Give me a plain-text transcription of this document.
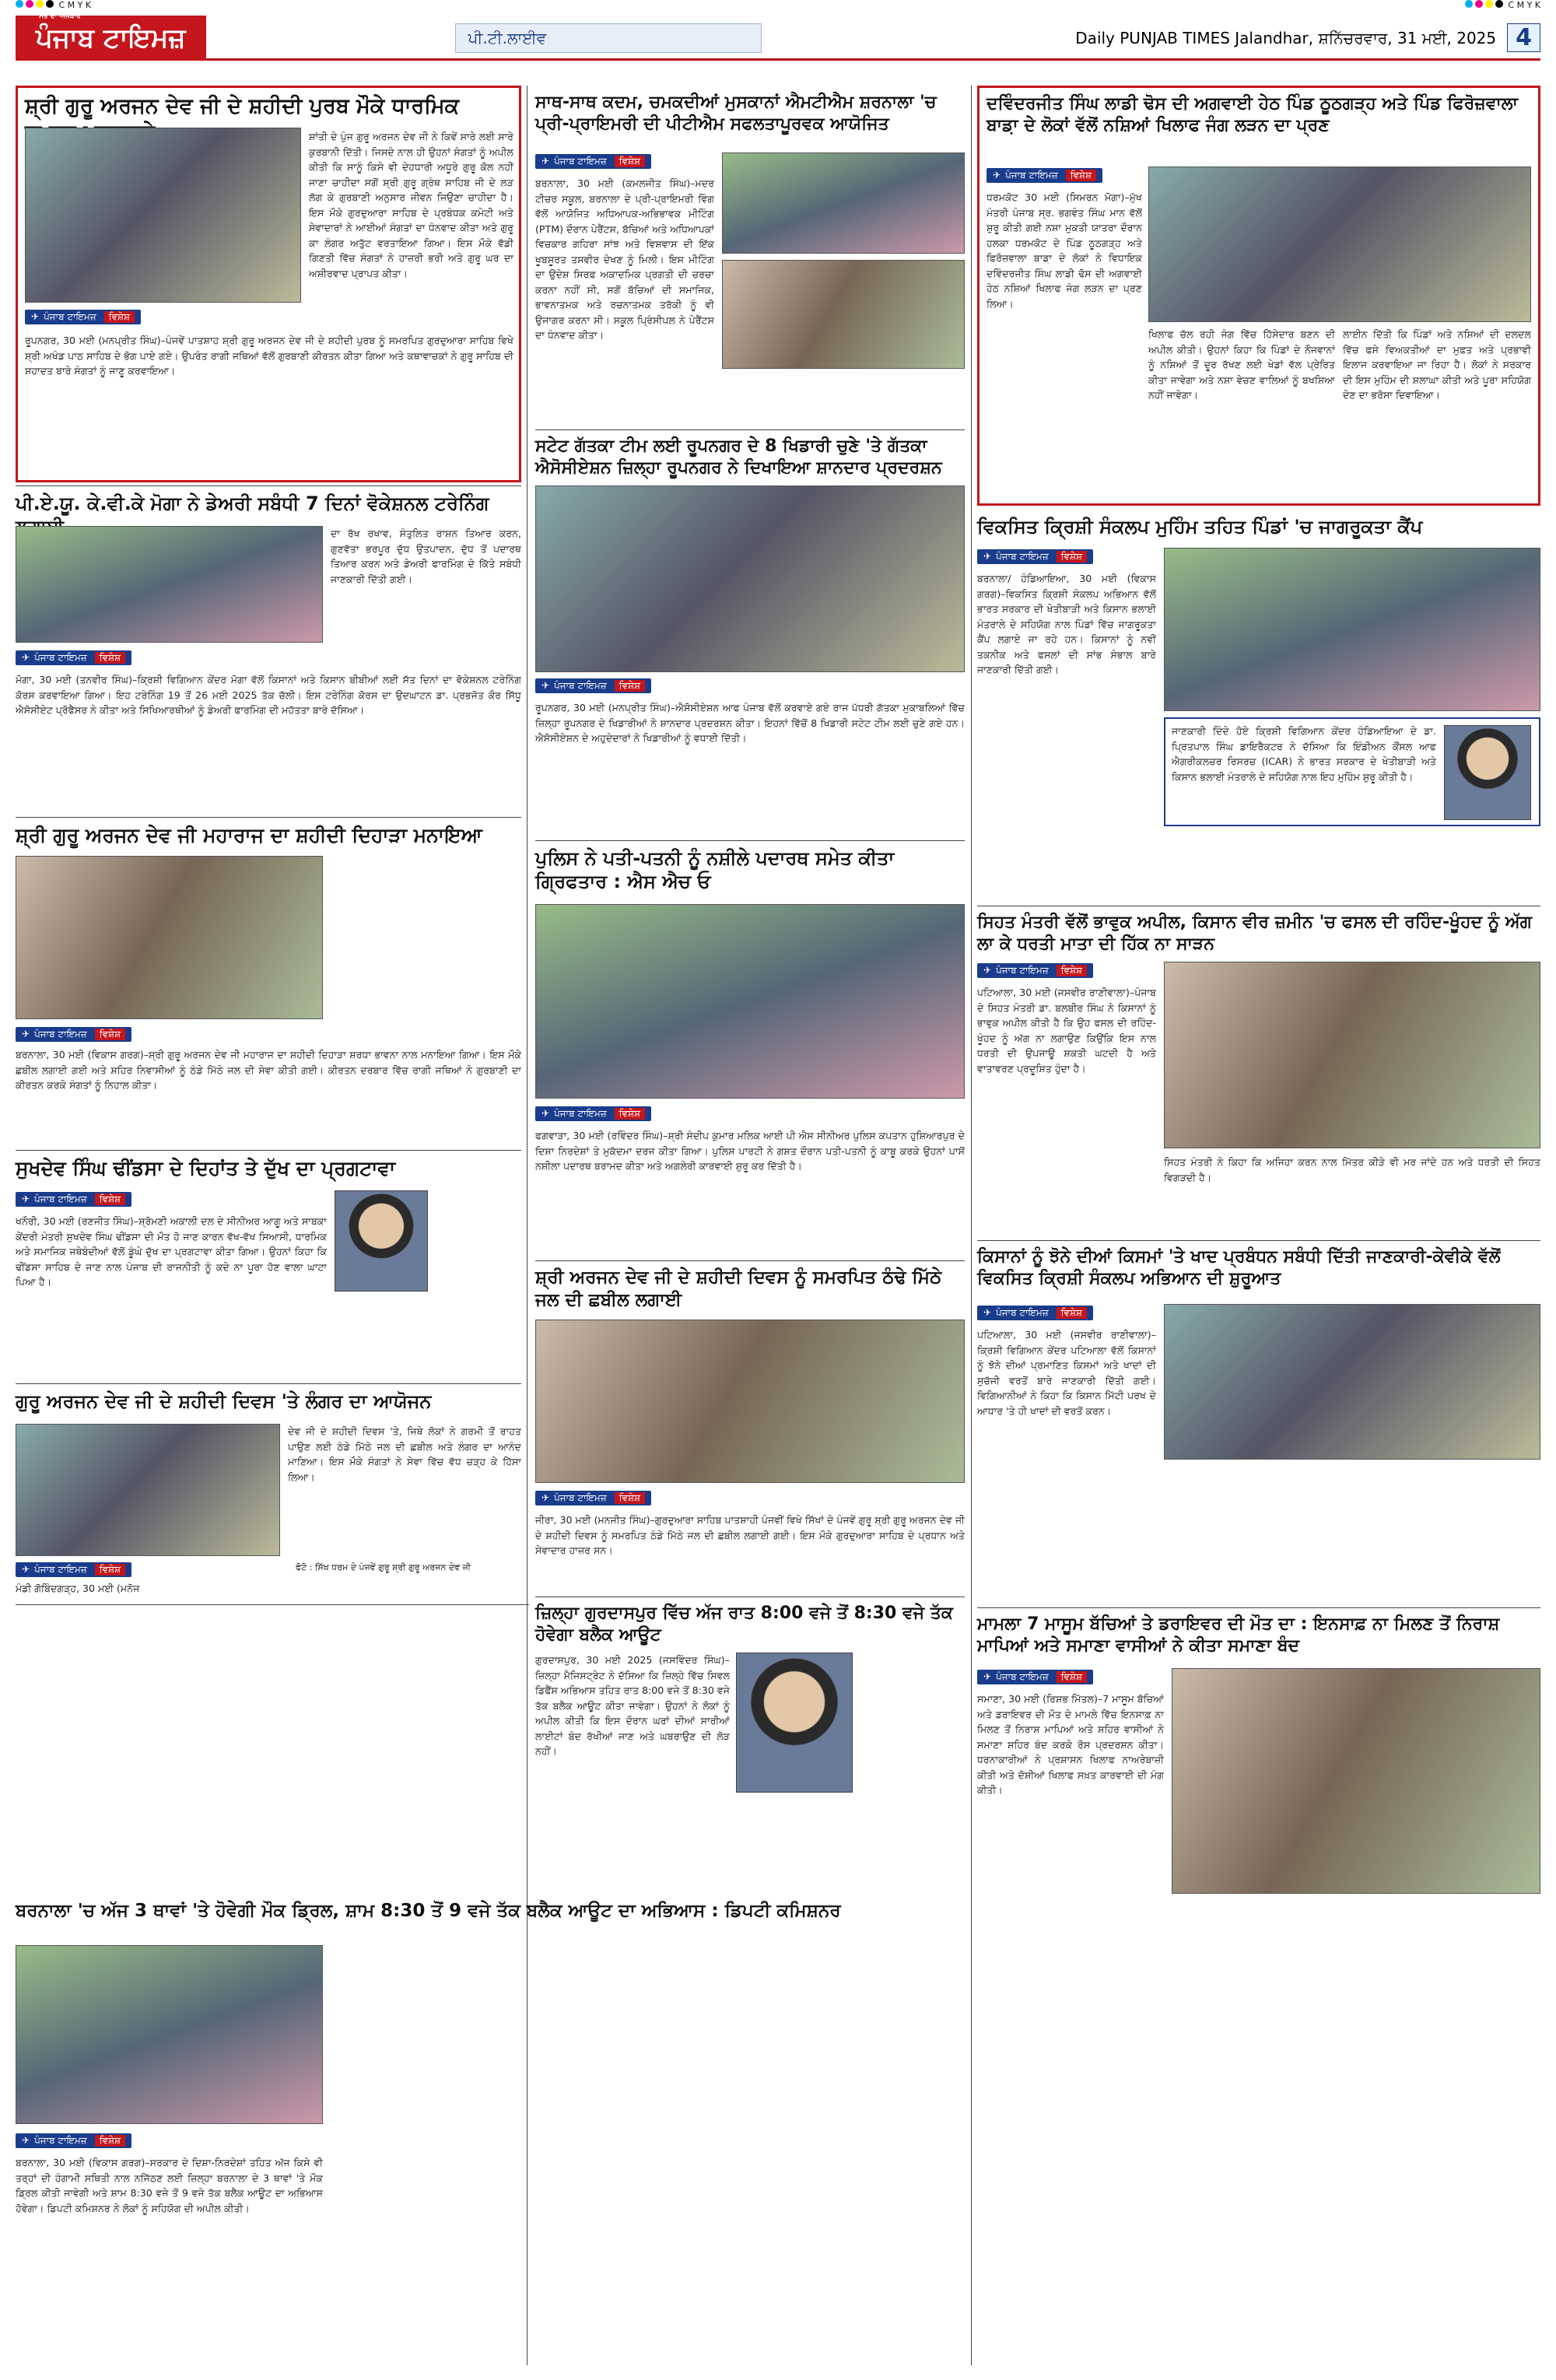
C M Y K	C M Y K
ਸਭ ਦਾ ਅਖ਼ਬਾਰ
ਪੰਜਾਬ ਟਾਇਮਜ਼	ਪੀ.ਟੀ.ਲਾਈਵ	Daily PUNJAB TIMES Jalandhar, ਸ਼ਨਿੱਚਰਵਾਰ, 31 ਮਈ, 2025 4
ਸ਼੍ਰੀ ਗੁਰੂ ਅਰਜਨ ਦੇਵ ਜੀ ਦੇ ਸ਼ਹੀਦੀ ਪੁਰਬ ਮੌਕੇ ਧਾਰਮਿਕ
ਸ਼ਾਂਤੀ ਦੇ ਪੁੰਜ ਗੁਰੂ ਅਰਜਨ ਦੇਵ ਜੀ ਨੇ ਕਿਵੇਂ ਸਾਰੇ ਲਈ ਸਾਰੇ ਕੁਰਬਾਨੀ ਦਿੱਤੀ। ਜਿਸਦੇ ਨਾਲ ਹੀ ਉਹਨਾਂ ਸੰਗਤਾਂ ਨੂੰ ਅਪੀਲ ਕੀਤੀ ਕਿ ਸਾਨੂੰ ਕਿਸੇ ਵੀ ਦੇਹਧਾਰੀ ਅਧੂਰੇ ਗੁਰੂ ਕੋਲ ਨਹੀਂ ਜਾਣਾ ਚਾਹੀਦਾ ਸਗੋਂ ਸ਼੍ਰੀ ਗੁਰੂ ਗ੍ਰੰਥ ਸਾਹਿਬ ਜੀ ਦੇ ਲੜ ਲੱਗ ਕੇ ਗੁਰਬਾਣੀ ਅਨੁਸਾਰ ਜੀਵਨ ਜਿਉਣਾ ਚਾਹੀਦਾ ਹੈ। ਇਸ ਮੌਕੇ ਗੁਰਦੁਆਰਾ ਸਾਹਿਬ ਦੇ ਪ੍ਰਬੰਧਕ ਕਮੇਟੀ ਅਤੇ ਸੇਵਾਦਾਰਾਂ ਨੇ ਆਈਆਂ ਸੰਗਤਾਂ ਦਾ ਧੰਨਵਾਦ ਕੀਤਾ ਅਤੇ ਗੁਰੂ ਕਾ ਲੰਗਰ ਅਤੁੱਟ ਵਰਤਾਇਆ ਗਿਆ। ਇਸ ਮੌਕੇ ਵੱਡੀ ਗਿਣਤੀ ਵਿੱਚ ਸੰਗਤਾਂ ਨੇ ਹਾਜ਼ਰੀ ਭਰੀ ਅਤੇ ਗੁਰੂ ਘਰ ਦਾ ਅਸ਼ੀਰਵਾਦ ਪ੍ਰਾਪਤ ਕੀਤਾ।
✈ ਪੰਜਾਬ ਟਾਇਮਜ਼	ਵਿਸ਼ੇਸ਼
ਰੂਪਨਗਰ, 30 ਮਈ (ਮਨਪ੍ਰੀਤ ਸਿੰਘ)–ਪੰਜਵੇਂ ਪਾਤਸ਼ਾਹ ਸ਼੍ਰੀ ਗੁਰੂ ਅਰਜਨ ਦੇਵ ਜੀ ਦੇ ਸ਼ਹੀਦੀ ਪੁਰਬ ਨੂੰ ਸਮਰਪਿਤ ਗੁਰਦੁਆਰਾ ਸਾਹਿਬ ਵਿਖੇ ਸ਼੍ਰੀ ਅਖੰਡ ਪਾਠ ਸਾਹਿਬ ਦੇ ਭੋਗ ਪਾਏ ਗਏ। ਉਪਰੰਤ ਰਾਗੀ ਜਥਿਆਂ ਵੱਲੋਂ ਗੁਰਬਾਣੀ ਕੀਰਤਨ ਕੀਤਾ ਗਿਆ ਅਤੇ ਕਥਾਵਾਚਕਾਂ ਨੇ ਗੁਰੂ ਸਾਹਿਬ ਦੀ ਸ਼ਹਾਦਤ ਬਾਰੇ ਸੰਗਤਾਂ ਨੂੰ ਜਾਣੂ ਕਰਵਾਇਆ।
ਪੀ.ਏ.ਯੂ. ਕੇ.ਵੀ.ਕੇ ਮੋਗਾ ਨੇ ਡੇਅਰੀ ਸਬੰਧੀ 7 ਦਿਨਾਂ ਵੋਕੇਸ਼ਨਲ ਟਰੇਨਿੰਗ
ਦਾ ਰੱਖ ਰਖਾਵ, ਸੰਤੁਲਿਤ ਰਾਸ਼ਨ ਤਿਆਰ ਕਰਨ, ਗੁਣਵੱਤਾ ਭਰਪੂਰ ਦੁੱਧ ਉਤਪਾਦਨ, ਦੁੱਧ ਤੋਂ ਪਦਾਰਥ ਤਿਆਰ ਕਰਨ ਅਤੇ ਡੇਅਰੀ ਫਾਰਮਿੰਗ ਦੇ ਕਿੱਤੇ ਸਬੰਧੀ ਜਾਣਕਾਰੀ ਦਿੱਤੀ ਗਈ।
✈ ਪੰਜਾਬ ਟਾਇਮਜ਼	ਵਿਸ਼ੇਸ਼
ਮੋਗਾ, 30 ਮਈ (ਤਨਵੀਰ ਸਿੰਘ)–ਕ੍ਰਿਸ਼ੀ ਵਿਗਿਆਨ ਕੇਂਦਰ ਮੋਗਾ ਵੱਲੋਂ ਕਿਸਾਨਾਂ ਅਤੇ ਕਿਸਾਨ ਬੀਬੀਆਂ ਲਈ ਸੱਤ ਦਿਨਾਂ ਦਾ ਵੋਕੇਸ਼ਨਲ ਟਰੇਨਿੰਗ ਕੋਰਸ ਕਰਵਾਇਆ ਗਿਆ। ਇਹ ਟਰੇਨਿੰਗ 19 ਤੋਂ 26 ਮਈ 2025 ਤੱਕ ਚੱਲੀ। ਇਸ ਟਰੇਨਿੰਗ ਕੋਰਸ ਦਾ ਉਦਘਾਟਨ ਡਾ. ਪ੍ਰਭਜੋਤ ਕੌਰ ਸਿੱਧੂ ਐਸੋਸੀਏਟ ਪ੍ਰੋਫੈਸਰ ਨੇ ਕੀਤਾ ਅਤੇ ਸਿਖਿਆਰਥੀਆਂ ਨੂੰ ਡੇਅਰੀ ਫਾਰਮਿੰਗ ਦੀ ਮਹੱਤਤਾ ਬਾਰੇ ਦੱਸਿਆ।
ਸ਼੍ਰੀ ਗੁਰੂ ਅਰਜਨ ਦੇਵ ਜੀ ਮਹਾਰਾਜ ਦਾ ਸ਼ਹੀਦੀ ਦਿਹਾੜਾ ਮਨਾਇਆ
✈ ਪੰਜਾਬ ਟਾਇਮਜ਼	ਵਿਸ਼ੇਸ਼
ਬਰਨਾਲਾ, 30 ਮਈ (ਵਿਕਾਸ ਗਰਗ)–ਸ਼੍ਰੀ ਗੁਰੂ ਅਰਜਨ ਦੇਵ ਜੀ ਮਹਾਰਾਜ ਦਾ ਸ਼ਹੀਦੀ ਦਿਹਾੜਾ ਸ਼ਰਧਾ ਭਾਵਨਾ ਨਾਲ ਮਨਾਇਆ ਗਿਆ। ਇਸ ਮੌਕੇ ਛਬੀਲ ਲਗਾਈ ਗਈ ਅਤੇ ਸ਼ਹਿਰ ਨਿਵਾਸੀਆਂ ਨੂੰ ਠੰਡੇ ਮਿੱਠੇ ਜਲ ਦੀ ਸੇਵਾ ਕੀਤੀ ਗਈ। ਕੀਰਤਨ ਦਰਬਾਰ ਵਿੱਚ ਰਾਗੀ ਜਥਿਆਂ ਨੇ ਗੁਰਬਾਣੀ ਦਾ ਕੀਰਤਨ ਕਰਕੇ ਸੰਗਤਾਂ ਨੂੰ ਨਿਹਾਲ ਕੀਤਾ।
ਸੁਖਦੇਵ ਸਿੰਘ ਢੀਂਡਸਾ ਦੇ ਦਿਹਾਂਤ ਤੇ ਦੁੱਖ ਦਾ ਪ੍ਰਗਟਾਵਾ
✈ ਪੰਜਾਬ ਟਾਇਮਜ਼	ਵਿਸ਼ੇਸ਼
ਖਨੌਰੀ, 30 ਮਈ (ਰਣਜੀਤ ਸਿੰਘ)–ਸ਼੍ਰੋਮਣੀ ਅਕਾਲੀ ਦਲ ਦੇ ਸੀਨੀਅਰ ਆਗੂ ਅਤੇ ਸਾਬਕਾ ਕੇਂਦਰੀ ਮੰਤਰੀ ਸੁਖਦੇਵ ਸਿੰਘ ਢੀਂਡਸਾ ਦੀ ਮੌਤ ਹੋ ਜਾਣ ਕਾਰਨ ਵੱਖ-ਵੱਖ ਸਿਆਸੀ, ਧਾਰਮਿਕ ਅਤੇ ਸਮਾਜਿਕ ਜਥੇਬੰਦੀਆਂ ਵੱਲੋਂ ਡੂੰਘੇ ਦੁੱਖ ਦਾ ਪ੍ਰਗਟਾਵਾ ਕੀਤਾ ਗਿਆ। ਉਹਨਾਂ ਕਿਹਾ ਕਿ ਢੀਂਡਸਾ ਸਾਹਿਬ ਦੇ ਜਾਣ ਨਾਲ ਪੰਜਾਬ ਦੀ ਰਾਜਨੀਤੀ ਨੂੰ ਕਦੇ ਨਾ ਪੂਰਾ ਹੋਣ ਵਾਲਾ ਘਾਟਾ ਪਿਆ ਹੈ।
ਗੁਰੂ ਅਰਜਨ ਦੇਵ ਜੀ ਦੇ ਸ਼ਹੀਦੀ ਦਿਵਸ 'ਤੇ ਲੰਗਰ ਦਾ ਆਯੋਜਨ
ਦੇਵ ਜੀ ਦੇ ਸ਼ਹੀਦੀ ਦਿਵਸ 'ਤੇ, ਜਿਥੇ ਲੋਕਾਂ ਨੇ ਗਰਮੀ ਤੋਂ ਰਾਹਤ ਪਾਉਣ ਲਈ ਠੰਡੇ ਮਿੱਠੇ ਜਲ ਦੀ ਛਬੀਲ ਅਤੇ ਲੰਗਰ ਦਾ ਆਨੰਦ ਮਾਣਿਆ। ਇਸ ਮੌਕੇ ਸੰਗਤਾਂ ਨੇ ਸੇਵਾ ਵਿੱਚ ਵੱਧ ਚੜ੍ਹ ਕੇ ਹਿੱਸਾ ਲਿਆ।
✈ ਪੰਜਾਬ ਟਾਇਮਜ਼	ਵਿਸ਼ੇਸ਼	ਫੋਟੋ : ਸਿੱਖ ਧਰਮ ਦੇ ਪੰਜਵੇਂ ਗੁਰੂ ਸ਼੍ਰੀ ਗੁਰੂ ਅਰਜਨ ਦੇਵ ਜੀ
ਮੰਡੀ ਗੋਬਿੰਦਗੜ੍ਹ, 30 ਮਈ (ਮਨੋਜ
ਸਾਥ-ਸਾਥ ਕਦਮ, ਚਮਕਦੀਆਂ ਮੁਸਕਾਨਾਂ ਐਮਟੀਐਮ ਸ਼ਰਨਾਲਾ 'ਚ ਪ੍ਰੀ-ਪ੍ਰਾਇਮਰੀ ਦੀ ਪੀਟੀਐਮ ਸਫਲਤਾਪੂਰਵਕ ਆਯੋਜਿਤ
✈ ਪੰਜਾਬ ਟਾਇਮਜ਼	ਵਿਸ਼ੇਸ਼
ਬਰਨਾਲਾ, 30 ਮਈ (ਕਮਲਜੀਤ ਸਿੰਘ)–ਮਦਰ ਟੀਚਰ ਸਕੂਲ, ਬਰਨਾਲਾ ਦੇ ਪ੍ਰੀ-ਪ੍ਰਾਇਮਰੀ ਵਿੰਗ ਵੱਲੋਂ ਆਯੋਜਿਤ ਅਧਿਆਪਕ-ਅਭਿਭਾਵਕ ਮੀਟਿੰਗ (PTM) ਦੌਰਾਨ ਪੇਰੈਂਟਸ, ਬੱਚਿਆਂ ਅਤੇ ਅਧਿਆਪਕਾਂ ਵਿਚਕਾਰ ਗਹਿਰਾ ਸਾਂਝ ਅਤੇ ਵਿਸ਼ਵਾਸ ਦੀ ਇੱਕ ਖੂਬਸੂਰਤ ਤਸਵੀਰ ਦੇਖਣ ਨੂੰ ਮਿਲੀ। ਇਸ ਮੀਟਿੰਗ ਦਾ ਉਦੇਸ਼ ਸਿਰਫ਼ ਅਕਾਦਮਿਕ ਪ੍ਰਗਤੀ ਦੀ ਚਰਚਾ ਕਰਨਾ ਨਹੀਂ ਸੀ, ਸਗੋਂ ਬੱਚਿਆਂ ਦੀ ਸਮਾਜਿਕ, ਭਾਵਨਾਤਮਕ ਅਤੇ ਰਚਨਾਤਮਕ ਤਰੱਕੀ ਨੂੰ ਵੀ ਉਜਾਗਰ ਕਰਨਾ ਸੀ। ਸਕੂਲ ਪ੍ਰਿੰਸੀਪਲ ਨੇ ਪੇਰੈਂਟਸ ਦਾ ਧੰਨਵਾਦ ਕੀਤਾ।
ਸਟੇਟ ਗੱਤਕਾ ਟੀਮ ਲਈ ਰੂਪਨਗਰ ਦੇ 8 ਖਿਡਾਰੀ ਚੁਣੇ 'ਤੇ ਗੱਤਕਾ ਐਸੋਸੀਏਸ਼ਨ ਜ਼ਿਲ੍ਹਾ ਰੂਪਨਗਰ ਨੇ ਦਿਖਾਇਆ ਸ਼ਾਨਦਾਰ ਪ੍ਰਦਰਸ਼ਨ
✈ ਪੰਜਾਬ ਟਾਇਮਜ਼	ਵਿਸ਼ੇਸ਼
ਰੂਪਨਗਰ, 30 ਮਈ (ਮਨਪ੍ਰੀਤ ਸਿੰਘ)–ਐਸੋਸੀਏਸ਼ਨ ਆਫ ਪੰਜਾਬ ਵੱਲੋਂ ਕਰਵਾਏ ਗਏ ਰਾਜ ਪੱਧਰੀ ਗੱਤਕਾ ਮੁਕਾਬਲਿਆਂ ਵਿੱਚ ਜ਼ਿਲ੍ਹਾ ਰੂਪਨਗਰ ਦੇ ਖਿਡਾਰੀਆਂ ਨੇ ਸ਼ਾਨਦਾਰ ਪ੍ਰਦਰਸ਼ਨ ਕੀਤਾ। ਇਹਨਾਂ ਵਿੱਚੋਂ 8 ਖਿਡਾਰੀ ਸਟੇਟ ਟੀਮ ਲਈ ਚੁਣੇ ਗਏ ਹਨ। ਐਸੋਸੀਏਸ਼ਨ ਦੇ ਅਹੁਦੇਦਾਰਾਂ ਨੇ ਖਿਡਾਰੀਆਂ ਨੂੰ ਵਧਾਈ ਦਿੱਤੀ।
ਪੁਲਿਸ ਨੇ ਪਤੀ-ਪਤਨੀ ਨੂੰ ਨਸ਼ੀਲੇ ਪਦਾਰਥ ਸਮੇਤ ਕੀਤਾ ਗ੍ਰਿਫਤਾਰ : ਐਸ ਐਚ ਓ
✈ ਪੰਜਾਬ ਟਾਇਮਜ਼	ਵਿਸ਼ੇਸ਼
ਫਗਵਾੜਾ, 30 ਮਈ (ਰਵਿੰਦਰ ਸਿੰਘ)–ਸ਼੍ਰੀ ਸੰਦੀਪ ਕੁਮਾਰ ਮਲਿਕ ਆਈ ਪੀ ਐਸ ਸੀਨੀਅਰ ਪੁਲਿਸ ਕਪਤਾਨ ਹੁਸ਼ਿਆਰਪੁਰ ਦੇ ਦਿਸ਼ਾ ਨਿਰਦੇਸ਼ਾਂ ਤੇ ਮੁਕੱਦਮਾ ਦਰਜ ਕੀਤਾ ਗਿਆ। ਪੁਲਿਸ ਪਾਰਟੀ ਨੇ ਗਸ਼ਤ ਦੌਰਾਨ ਪਤੀ-ਪਤਨੀ ਨੂੰ ਕਾਬੂ ਕਰਕੇ ਉਹਨਾਂ ਪਾਸੋਂ ਨਸ਼ੀਲਾ ਪਦਾਰਥ ਬਰਾਮਦ ਕੀਤਾ ਅਤੇ ਅਗਲੇਰੀ ਕਾਰਵਾਈ ਸ਼ੁਰੂ ਕਰ ਦਿੱਤੀ ਹੈ।
ਸ਼੍ਰੀ ਅਰਜਨ ਦੇਵ ਜੀ ਦੇ ਸ਼ਹੀਦੀ ਦਿਵਸ ਨੂੰ ਸਮਰਪਿਤ ਠੰਢੇ ਮਿੱਠੇ ਜਲ ਦੀ ਛਬੀਲ ਲਗਾਈ
✈ ਪੰਜਾਬ ਟਾਇਮਜ਼	ਵਿਸ਼ੇਸ਼
ਜੀਰਾ, 30 ਮਈ (ਮਨਜੀਤ ਸਿੰਘ)–ਗੁਰਦੁਆਰਾ ਸਾਹਿਬ ਪਾਤਸ਼ਾਹੀ ਪੰਜਵੀਂ ਵਿਖੇ ਸਿੱਖਾਂ ਦੇ ਪੰਜਵੇਂ ਗੁਰੂ ਸ਼੍ਰੀ ਗੁਰੂ ਅਰਜਨ ਦੇਵ ਜੀ ਦੇ ਸ਼ਹੀਦੀ ਦਿਵਸ ਨੂੰ ਸਮਰਪਿਤ ਠੰਡੇ ਮਿੱਠੇ ਜਲ ਦੀ ਛਬੀਲ ਲਗਾਈ ਗਈ। ਇਸ ਮੌਕੇ ਗੁਰਦੁਆਰਾ ਸਾਹਿਬ ਦੇ ਪ੍ਰਧਾਨ ਅਤੇ ਸੇਵਾਦਾਰ ਹਾਜ਼ਰ ਸਨ।
ਜ਼ਿਲ੍ਹਾ ਗੁਰਦਾਸਪੁਰ ਵਿੱਚ ਅੱਜ ਰਾਤ 8:00 ਵਜੇ ਤੋਂ 8:30 ਵਜੇ ਤੱਕ ਹੋਵੇਗਾ ਬਲੈਕ ਆਊਟ
ਗੁਰਦਾਸਪੁਰ, 30 ਮਈ 2025 (ਜਸਵਿੰਦਰ ਸਿੰਘ)–ਜ਼ਿਲ੍ਹਾ ਮੈਜਿਸਟ੍ਰੇਟ ਨੇ ਦੱਸਿਆ ਕਿ ਜ਼ਿਲ੍ਹੇ ਵਿੱਚ ਸਿਵਲ ਡਿਫੈਂਸ ਅਭਿਆਸ ਤਹਿਤ ਰਾਤ 8:00 ਵਜੇ ਤੋਂ 8:30 ਵਜੇ ਤੱਕ ਬਲੈਕ ਆਊਟ ਕੀਤਾ ਜਾਵੇਗਾ। ਉਹਨਾਂ ਨੇ ਲੋਕਾਂ ਨੂੰ ਅਪੀਲ ਕੀਤੀ ਕਿ ਇਸ ਦੌਰਾਨ ਘਰਾਂ ਦੀਆਂ ਸਾਰੀਆਂ ਲਾਈਟਾਂ ਬੰਦ ਰੱਖੀਆਂ ਜਾਣ ਅਤੇ ਘਬਰਾਉਣ ਦੀ ਲੋੜ ਨਹੀਂ।
ਦਵਿੰਦਰਜੀਤ ਸਿੰਘ ਲਾਡੀ ਢੋਸ ਦੀ ਅਗਵਾਈ ਹੇਠ ਪਿੰਡ ਠੂਠਗੜ੍ਹ ਅਤੇ ਪਿੰਡ ਫਿਰੋਜ਼ਵਾਲਾ ਬਾਡ਼ਾ ਦੇ ਲੋਕਾਂ ਵੱਲੋਂ ਨਸ਼ਿਆਂ ਖਿਲਾਫ ਜੰਗ ਲੜਨ ਦਾ ਪ੍ਰਣ
✈ ਪੰਜਾਬ ਟਾਇਮਜ਼	ਵਿਸ਼ੇਸ਼
ਧਰਮਕੋਟ 30 ਮਈ (ਸਿਮਰਨ ਮੋਗਾ)–ਮੁੱਖ ਮੰਤਰੀ ਪੰਜਾਬ ਸ੍ਰ. ਭਗਵੰਤ ਸਿੰਘ ਮਾਨ ਵੱਲੋਂ ਸ਼ੁਰੂ ਕੀਤੀ ਗਈ ਨਸ਼ਾ ਮੁਕਤੀ ਯਾਤਰਾ ਦੌਰਾਨ ਹਲਕਾ ਧਰਮਕੋਟ ਦੇ ਪਿੰਡ ਠੂਠਗੜ੍ਹ ਅਤੇ ਫਿਰੋਜ਼ਵਾਲਾ ਬਾਡ਼ਾ ਦੇ ਲੋਕਾਂ ਨੇ ਵਿਧਾਇਕ ਦਵਿੰਦਰਜੀਤ ਸਿੰਘ ਲਾਡੀ ਢੋਸ ਦੀ ਅਗਵਾਈ ਹੇਠ ਨਸ਼ਿਆਂ ਖਿਲਾਫ ਜੰਗ ਲੜਨ ਦਾ ਪ੍ਰਣ ਲਿਆ।
ਖਿਲਾਫ ਚੱਲ ਰਹੀ ਜੰਗ ਵਿੱਚ ਹਿੱਸੇਦਾਰ ਬਣਨ ਦੀ ਅਪੀਲ ਕੀਤੀ। ਉਹਨਾਂ ਕਿਹਾ ਕਿ ਪਿੰਡਾਂ ਦੇ ਨੌਜਵਾਨਾਂ ਨੂੰ ਨਸ਼ਿਆਂ ਤੋਂ ਦੂਰ ਰੱਖਣ ਲਈ ਖੇਡਾਂ ਵੱਲ ਪ੍ਰੇਰਿਤ ਕੀਤਾ ਜਾਵੇਗਾ ਅਤੇ ਨਸ਼ਾ ਵੇਚਣ ਵਾਲਿਆਂ ਨੂੰ ਬਖਸ਼ਿਆ ਨਹੀਂ ਜਾਵੇਗਾ।
ਲਾਈਨ ਦਿੱਤੀ ਕਿ ਪਿੰਡਾਂ ਅਤੇ ਨਸ਼ਿਆਂ ਦੀ ਦਲਦਲ ਵਿੱਚ ਫਸੇ ਵਿਅਕਤੀਆਂ ਦਾ ਮੁਫ਼ਤ ਅਤੇ ਪ੍ਰਭਾਵੀ ਇਲਾਜ ਕਰਵਾਇਆ ਜਾ ਰਿਹਾ ਹੈ। ਲੋਕਾਂ ਨੇ ਸਰਕਾਰ ਦੀ ਇਸ ਮੁਹਿੰਮ ਦੀ ਸ਼ਲਾਘਾ ਕੀਤੀ ਅਤੇ ਪੂਰਾ ਸਹਿਯੋਗ ਦੇਣ ਦਾ ਭਰੋਸਾ ਦਿਵਾਇਆ।
ਵਿਕਸਿਤ ਕ੍ਰਿਸ਼ੀ ਸੰਕਲਪ ਮੁਹਿੰਮ ਤਹਿਤ ਪਿੰਡਾਂ 'ਚ ਜਾਗਰੂਕਤਾ ਕੈਂਪ
✈ ਪੰਜਾਬ ਟਾਇਮਜ਼	ਵਿਸ਼ੇਸ਼
ਬਰਨਾਲਾ/ ਹੰਡਿਆਇਆ, 30 ਮਈ (ਵਿਕਾਸ ਗਰਗ)–ਵਿਕਸਿਤ ਕ੍ਰਿਸ਼ੀ ਸੰਕਲਪ ਅਭਿਆਨ ਵੱਲੋਂ ਭਾਰਤ ਸਰਕਾਰ ਦੀ ਖੇਤੀਬਾੜੀ ਅਤੇ ਕਿਸਾਨ ਭਲਾਈ ਮੰਤਰਾਲੇ ਦੇ ਸਹਿਯੋਗ ਨਾਲ ਪਿੰਡਾਂ ਵਿੱਚ ਜਾਗਰੂਕਤਾ ਕੈਂਪ ਲਗਾਏ ਜਾ ਰਹੇ ਹਨ। ਕਿਸਾਨਾਂ ਨੂੰ ਨਵੀਂ ਤਕਨੀਕ ਅਤੇ ਫਸਲਾਂ ਦੀ ਸਾਂਭ ਸੰਭਾਲ ਬਾਰੇ ਜਾਣਕਾਰੀ ਦਿੱਤੀ ਗਈ।
ਜਾਣਕਾਰੀ ਦਿੰਦੇ ਹੋਏ ਕ੍ਰਿਸ਼ੀ ਵਿਗਿਆਨ ਕੇਂਦਰ ਹੰਡਿਆਇਆ ਦੇ ਡਾ. ਪ੍ਰਿਤਪਾਲ ਸਿੰਘ ਡਾਇਰੈਕਟਰ ਨੇ ਦੱਸਿਆ ਕਿ ਇੰਡੀਅਨ ਕੌਂਸਲ ਆਫ ਐਗਰੀਕਲਚਰ ਰਿਸਰਚ (ICAR) ਨੇ ਭਾਰਤ ਸਰਕਾਰ ਦੇ ਖੇਤੀਬਾੜੀ ਅਤੇ ਕਿਸਾਨ ਭਲਾਈ ਮੰਤਰਾਲੇ ਦੇ ਸਹਿਯੋਗ ਨਾਲ ਇਹ ਮੁਹਿੰਮ ਸ਼ੁਰੂ ਕੀਤੀ ਹੈ।
ਸਿਹਤ ਮੰਤਰੀ ਵੱਲੋਂ ਭਾਵੁਕ ਅਪੀਲ, ਕਿਸਾਨ ਵੀਰ ਜ਼ਮੀਨ 'ਚ ਫਸਲ ਦੀ ਰਹਿੰਦ-ਖੂੰਹਦ ਨੂੰ ਅੱਗ ਲਾ ਕੇ ਧਰਤੀ ਮਾਤਾ ਦੀ ਹਿੱਕ ਨਾ ਸਾੜਨ
✈ ਪੰਜਾਬ ਟਾਇਮਜ਼	ਵਿਸ਼ੇਸ਼
ਪਟਿਆਲਾ, 30 ਮਈ (ਜਸਵੀਰ ਰਾਣੀਵਾਲਾ)–ਪੰਜਾਬ ਦੇ ਸਿਹਤ ਮੰਤਰੀ ਡਾ. ਬਲਬੀਰ ਸਿੰਘ ਨੇ ਕਿਸਾਨਾਂ ਨੂੰ ਭਾਵੁਕ ਅਪੀਲ ਕੀਤੀ ਹੈ ਕਿ ਉਹ ਫਸਲ ਦੀ ਰਹਿੰਦ-ਖੂੰਹਦ ਨੂੰ ਅੱਗ ਨਾ ਲਗਾਉਣ ਕਿਉਂਕਿ ਇਸ ਨਾਲ ਧਰਤੀ ਦੀ ਉਪਜਾਊ ਸ਼ਕਤੀ ਘਟਦੀ ਹੈ ਅਤੇ ਵਾਤਾਵਰਣ ਪ੍ਰਦੂਸ਼ਿਤ ਹੁੰਦਾ ਹੈ।
ਸਿਹਤ ਮੰਤਰੀ ਨੇ ਕਿਹਾ ਕਿ ਅਜਿਹਾ ਕਰਨ ਨਾਲ ਮਿੱਤਰ ਕੀੜੇ ਵੀ ਮਰ ਜਾਂਦੇ ਹਨ ਅਤੇ ਧਰਤੀ ਦੀ ਸਿਹਤ ਵਿਗੜਦੀ ਹੈ।
ਕਿਸਾਨਾਂ ਨੂੰ ਝੋਨੇ ਦੀਆਂ ਕਿਸਮਾਂ 'ਤੇ ਖਾਦ ਪ੍ਰਬੰਧਨ ਸਬੰਧੀ ਦਿੱਤੀ ਜਾਣਕਾਰੀ-ਕੇਵੀਕੇ ਵੱਲੋਂ ਵਿਕਸਿਤ ਕ੍ਰਿਸ਼ੀ ਸੰਕਲਪ ਅਭਿਆਨ ਦੀ ਸ਼ੁਰੂਆਤ
✈ ਪੰਜਾਬ ਟਾਇਮਜ਼	ਵਿਸ਼ੇਸ਼
ਪਟਿਆਲਾ, 30 ਮਈ (ਜਸਵੀਰ ਰਾਣੀਵਾਲਾ)–ਕ੍ਰਿਸ਼ੀ ਵਿਗਿਆਨ ਕੇਂਦਰ ਪਟਿਆਲਾ ਵੱਲੋਂ ਕਿਸਾਨਾਂ ਨੂੰ ਝੋਨੇ ਦੀਆਂ ਪ੍ਰਮਾਣਿਤ ਕਿਸਮਾਂ ਅਤੇ ਖਾਦਾਂ ਦੀ ਸੁਚੱਜੀ ਵਰਤੋਂ ਬਾਰੇ ਜਾਣਕਾਰੀ ਦਿੱਤੀ ਗਈ। ਵਿਗਿਆਨੀਆਂ ਨੇ ਕਿਹਾ ਕਿ ਕਿਸਾਨ ਮਿੱਟੀ ਪਰਖ ਦੇ ਆਧਾਰ 'ਤੇ ਹੀ ਖਾਦਾਂ ਦੀ ਵਰਤੋਂ ਕਰਨ।
ਬਰਨਾਲਾ 'ਚ ਅੱਜ 3 ਥਾਵਾਂ 'ਤੇ ਹੋਵੇਗੀ ਮੌਕ ਡ੍ਰਿਲ, ਸ਼ਾਮ 8:30 ਤੋਂ 9 ਵਜੇ ਤੱਕ ਬਲੈਕ ਆਊਟ ਦਾ ਅਭਿਆਸ : ਡਿਪਟੀ ਕਮਿਸ਼ਨਰ
✈ ਪੰਜਾਬ ਟਾਇਮਜ਼	ਵਿਸ਼ੇਸ਼
ਬਰਨਾਲਾ, 30 ਮਈ (ਵਿਕਾਸ ਗਰਗ)–ਸਰਕਾਰ ਦੇ ਦਿਸ਼ਾ-ਨਿਰਦੇਸ਼ਾਂ ਤਹਿਤ ਅੱਜ ਕਿਸੇ ਵੀ ਤਰ੍ਹਾਂ ਦੀ ਹੰਗਾਮੀ ਸਥਿਤੀ ਨਾਲ ਨਜਿੱਠਣ ਲਈ ਜ਼ਿਲ੍ਹਾ ਬਰਨਾਲਾ ਦੇ 3 ਥਾਵਾਂ 'ਤੇ ਮੌਕ ਡ੍ਰਿਲ ਕੀਤੀ ਜਾਵੇਗੀ ਅਤੇ ਸ਼ਾਮ 8:30 ਵਜੇ ਤੋਂ 9 ਵਜੇ ਤੱਕ ਬਲੈਕ ਆਊਟ ਦਾ ਅਭਿਆਸ ਹੋਵੇਗਾ। ਡਿਪਟੀ ਕਮਿਸ਼ਨਰ ਨੇ ਲੋਕਾਂ ਨੂੰ ਸਹਿਯੋਗ ਦੀ ਅਪੀਲ ਕੀਤੀ।
ਮਾਮਲਾ 7 ਮਾਸੂਮ ਬੱਚਿਆਂ ਤੇ ਡਰਾਇਵਰ ਦੀ ਮੌਤ ਦਾ : ਇਨਸਾਫ਼ ਨਾ ਮਿਲਣ ਤੋਂ ਨਿਰਾਸ਼ ਮਾਪਿਆਂ ਅਤੇ ਸਮਾਣਾ ਵਾਸੀਆਂ ਨੇ ਕੀਤਾ ਸਮਾਣਾ ਬੰਦ
✈ ਪੰਜਾਬ ਟਾਇਮਜ਼	ਵਿਸ਼ੇਸ਼
ਸਮਾਣਾ, 30 ਮਈ (ਰਿਸ਼ਭ ਮਿੱਤਲ)–7 ਮਾਸੂਮ ਬੱਚਿਆਂ ਅਤੇ ਡਰਾਇਵਰ ਦੀ ਮੌਤ ਦੇ ਮਾਮਲੇ ਵਿੱਚ ਇਨਸਾਫ਼ ਨਾ ਮਿਲਣ ਤੋਂ ਨਿਰਾਸ਼ ਮਾਪਿਆਂ ਅਤੇ ਸ਼ਹਿਰ ਵਾਸੀਆਂ ਨੇ ਸਮਾਣਾ ਸ਼ਹਿਰ ਬੰਦ ਕਰਕੇ ਰੋਸ ਪ੍ਰਦਰਸ਼ਨ ਕੀਤਾ। ਧਰਨਾਕਾਰੀਆਂ ਨੇ ਪ੍ਰਸ਼ਾਸਨ ਖਿਲਾਫ ਨਾਅਰੇਬਾਜ਼ੀ ਕੀਤੀ ਅਤੇ ਦੋਸ਼ੀਆਂ ਖਿਲਾਫ ਸਖ਼ਤ ਕਾਰਵਾਈ ਦੀ ਮੰਗ ਕੀਤੀ।
